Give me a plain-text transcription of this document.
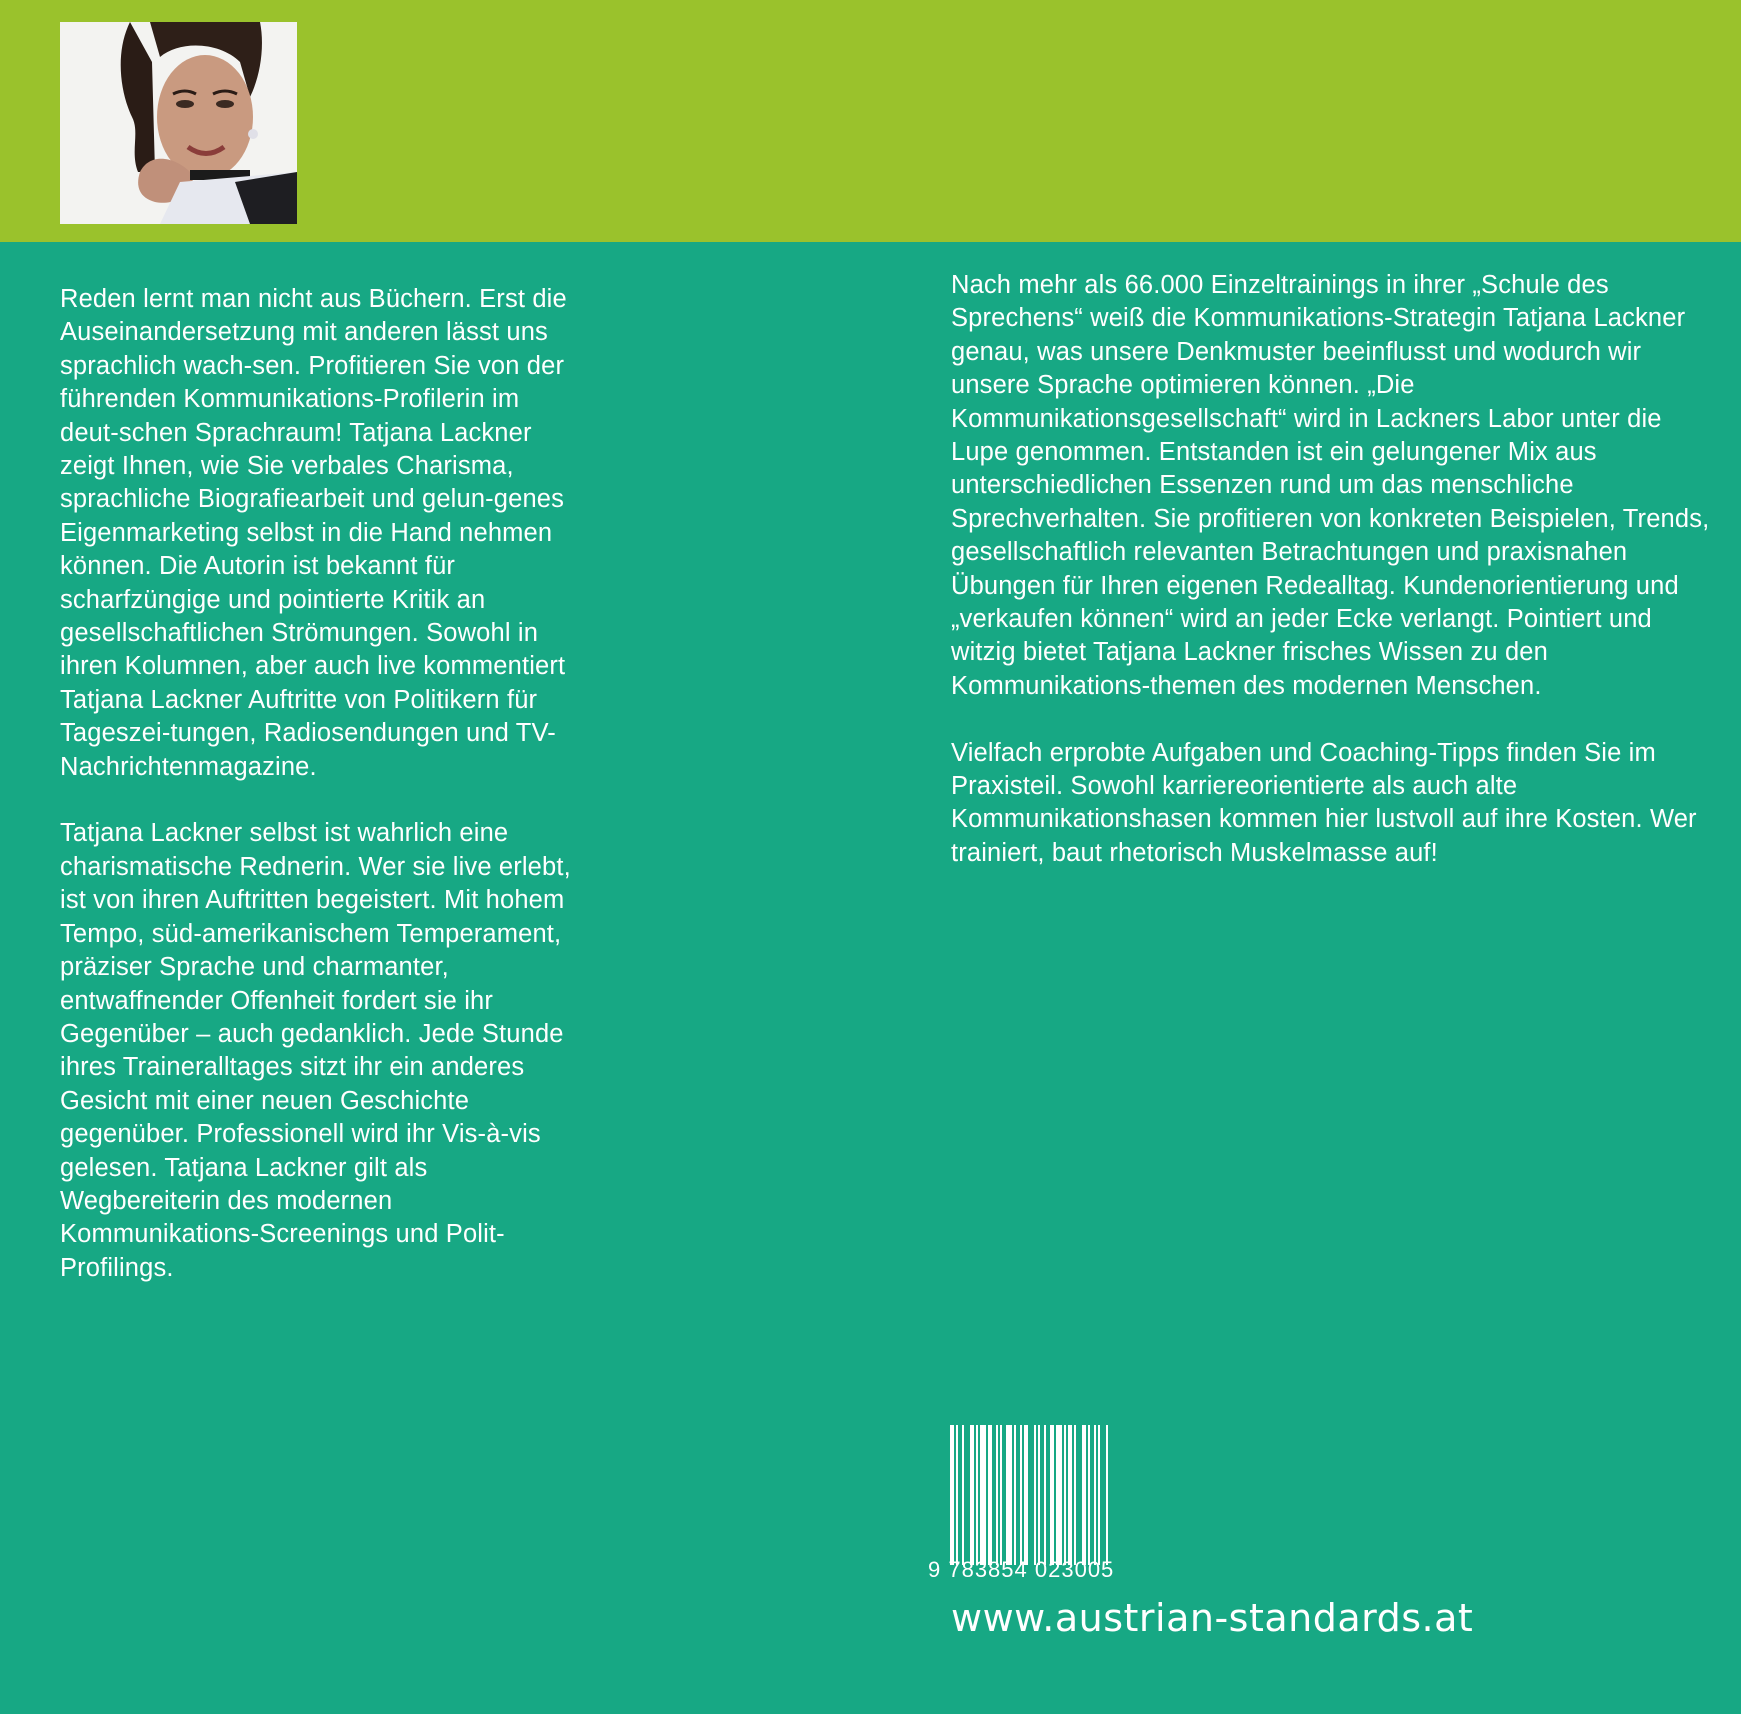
Reden lernt man nicht aus Büchern. Erst die Auseinandersetzung mit anderen lässt uns sprachlich wach-sen. Profitieren Sie von der führenden Kommunikations-Profilerin im deut-schen Sprachraum! Tatjana Lackner zeigt Ihnen, wie Sie verbales Charisma, sprachliche Biografiearbeit und gelun-genes Eigenmarketing selbst in die Hand nehmen können. Die Autorin ist bekannt für scharfzüngige und pointierte Kritik an gesellschaftlichen Strömungen. Sowohl in ihren Kolumnen, aber auch live kommentiert Tatjana Lackner Auftritte von Politikern für Tageszei-tungen, Radiosendungen und TV-Nachrichtenmagazine.

Tatjana Lackner selbst ist wahrlich eine charismatische Rednerin. Wer sie live erlebt, ist von ihren Auftritten begeistert. Mit hohem Tempo, süd-amerikanischem Temperament, präziser Sprache und charmanter, entwaffnender Offenheit fordert sie ihr Gegenüber – auch gedanklich. Jede Stunde ihres Traineralltages sitzt ihr ein anderes Gesicht mit einer neuen Geschichte gegenüber. Professionell wird ihr Vis-à-vis gelesen. Tatjana Lackner gilt als Wegbereiterin des modernen Kommunikations-Screenings und Polit-Profilings.

Nach mehr als 66.000 Einzeltrainings in ihrer „Schule des Sprechens“ weiß die Kommunikations-Strategin Tatjana Lackner genau, was unsere Denkmuster beeinflusst und wodurch wir unsere Sprache optimieren können. „Die Kommunikationsgesellschaft“ wird in Lackners Labor unter die Lupe genommen. Entstanden ist ein gelungener Mix aus unterschiedlichen Essenzen rund um das menschliche Sprechverhalten. Sie profitieren von konkreten Beispielen, Trends, gesellschaftlich relevanten Betrachtungen und praxisnahen Übungen für Ihren eigenen Redealltag. Kundenorientierung und „verkaufen können“ wird an jeder Ecke verlangt. Pointiert und witzig bietet Tatjana Lackner frisches Wissen zu den Kommunikations-themen des modernen Menschen.

Vielfach erprobte Aufgaben und Coaching-Tipps finden Sie im Praxisteil. Sowohl karriereorientierte als auch alte Kommunikationshasen kommen hier lustvoll auf ihre Kosten. Wer trainiert, baut rhetorisch Muskelmasse auf!

9 783854 023005
www.austrian-standards.at
